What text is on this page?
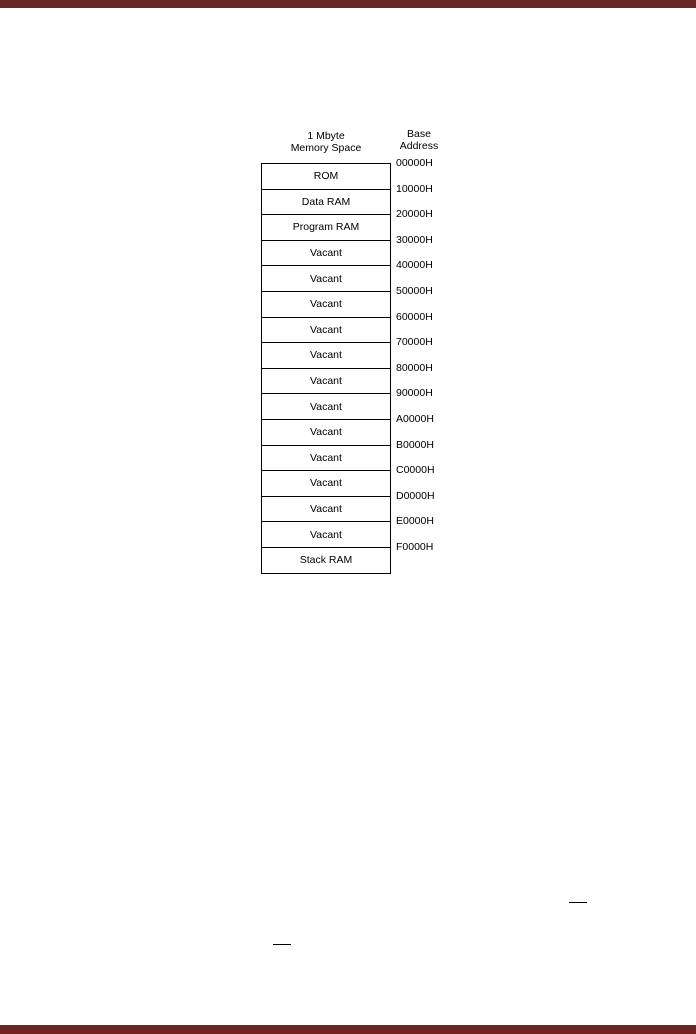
1 Mbyte
Memory Space
Base
Address
ROM
Data RAM
Program RAM
Vacant
Vacant
Vacant
Vacant
Vacant
Vacant
Vacant
Vacant
Vacant
Vacant
Vacant
Vacant
Stack RAM
00000H
10000H
20000H
30000H
40000H
50000H
60000H
70000H
80000H
90000H
A0000H
B0000H
C0000H
D0000H
E0000H
F0000H
